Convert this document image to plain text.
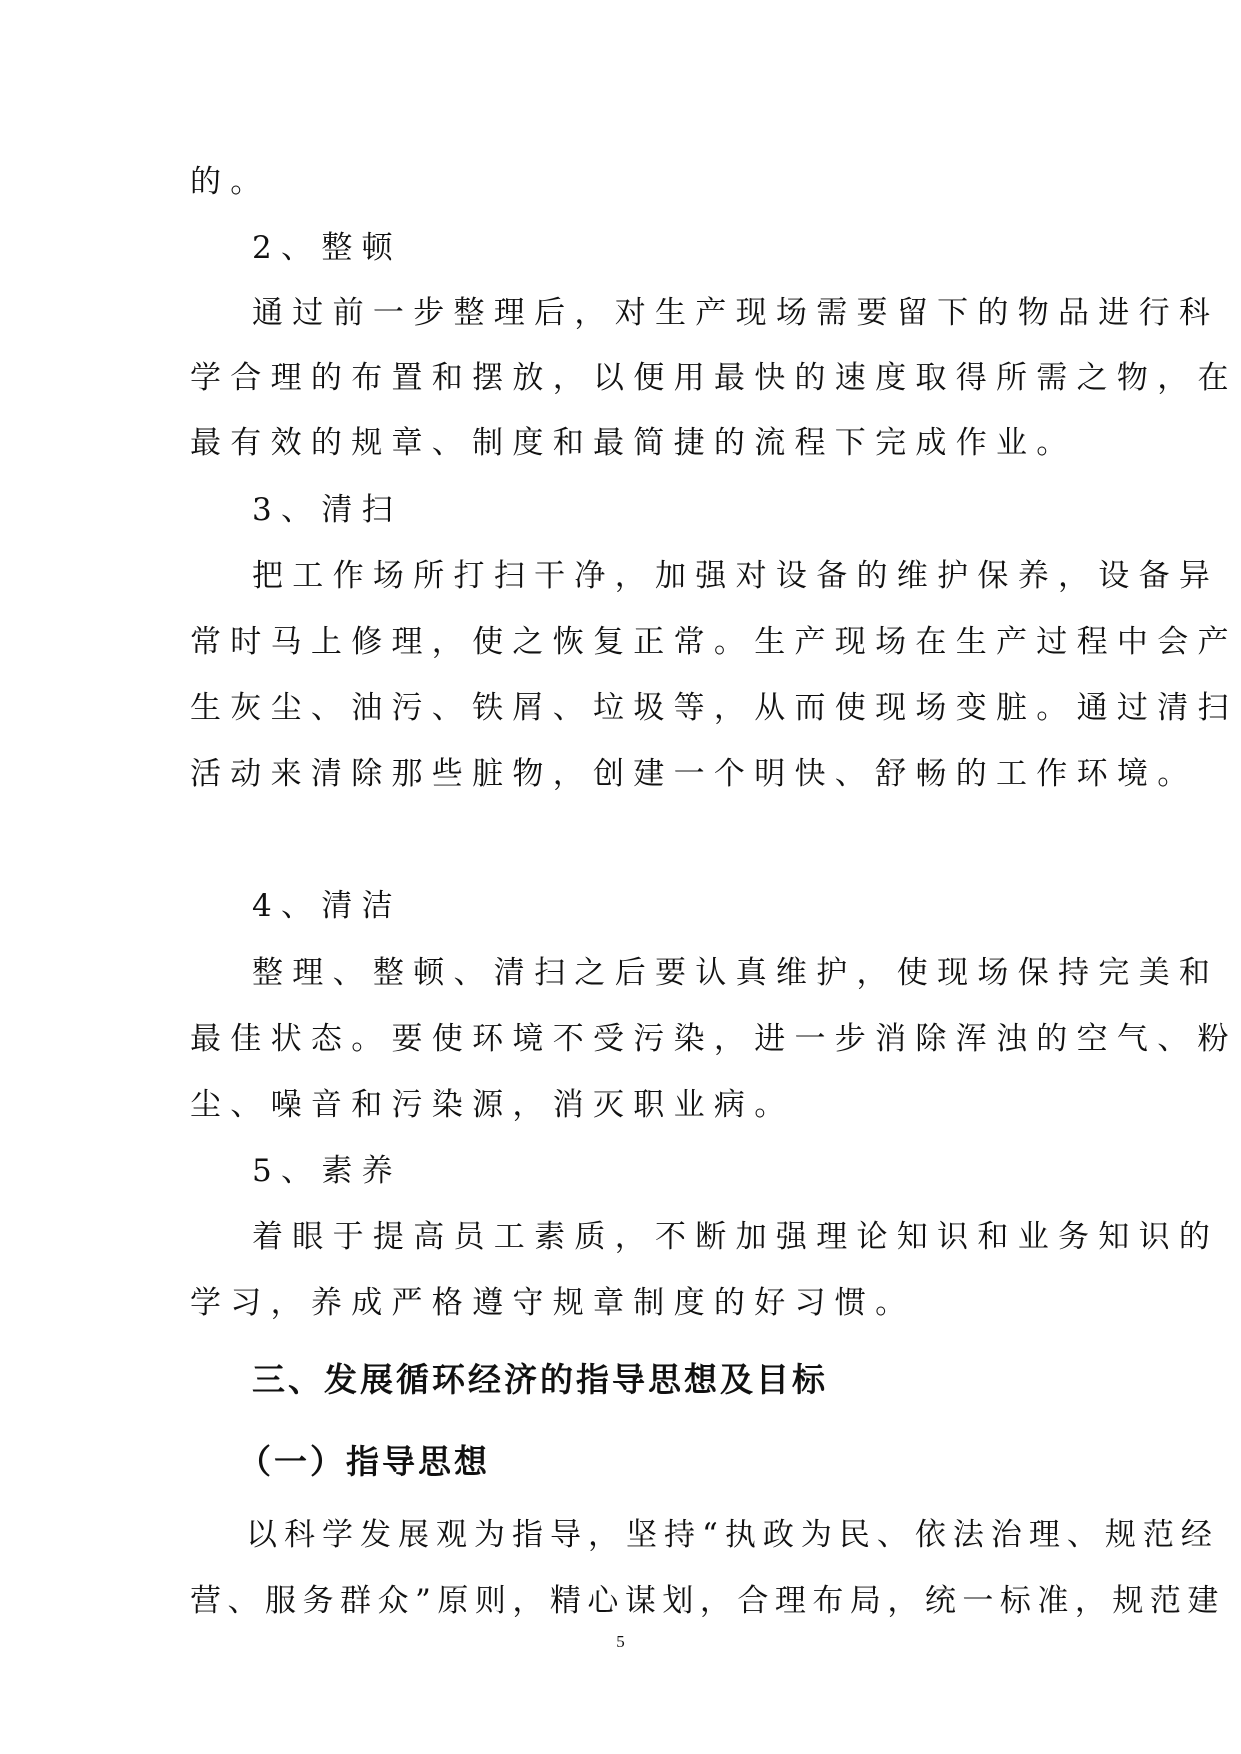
的。
2、整顿
通过前一步整理后，对生产现场需要留下的物品进行科
学合理的布置和摆放，以便用最快的速度取得所需之物，在
最有效的规章、制度和最简捷的流程下完成作业。
3、清扫
把工作场所打扫干净，加强对设备的维护保养，设备异
常时马上修理，使之恢复正常。生产现场在生产过程中会产
生灰尘、油污、铁屑、垃圾等，从而使现场变脏。通过清扫
活动来清除那些脏物，创建一个明快、舒畅的工作环境。
4、清洁
整理、整顿、清扫之后要认真维护，使现场保持完美和
最佳状态。要使环境不受污染，进一步消除浑浊的空气、粉
尘、噪音和污染源，消灭职业病。
5、素养
着眼于提高员工素质，不断加强理论知识和业务知识的
学习，养成严格遵守规章制度的好习惯。
三、发展循环经济的指导思想及目标
（一）指导思想
以科学发展观为指导，坚持“执政为民、依法治理、规范经
营、服务群众”原则，精心谋划，合理布局，统一标准，规范建
5
